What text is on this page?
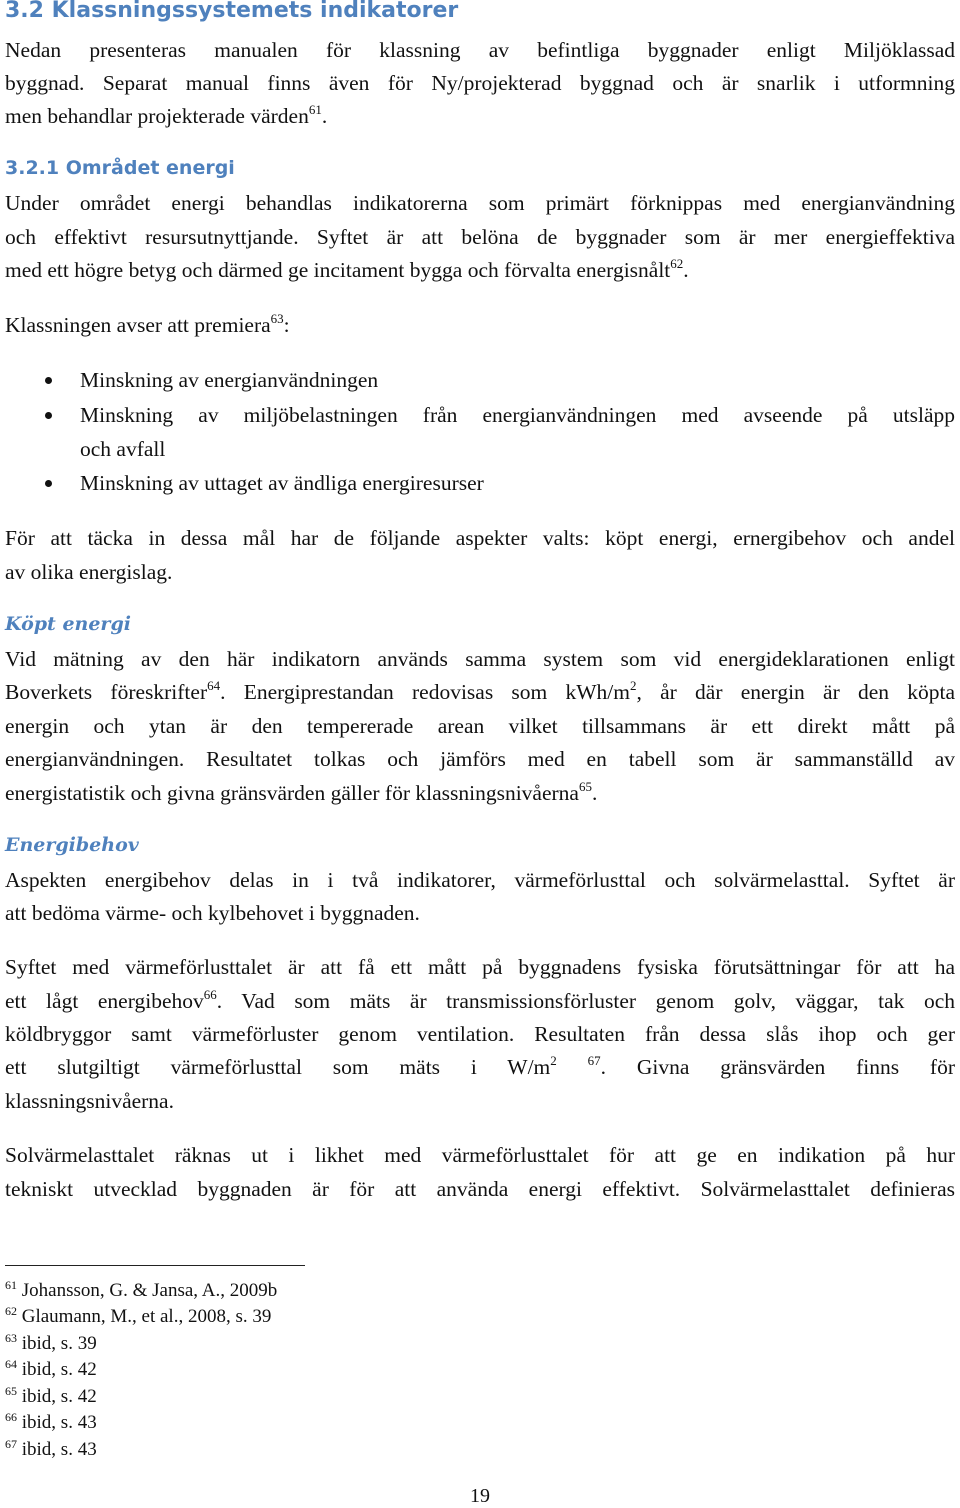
3.2 Klassningssystemets indikatorer
Nedan presenteras manualen för klassning av befintliga byggnader enligt Miljöklassad
byggnad. Separat manual finns även för Ny/projekterad byggnad och är snarlik i utformning
men behandlar projekterade värden$^{61}$.
3.2.1 Området energi
Under området energi behandlas indikatorerna som primärt förknippas med energianvändning
och effektivt resursutnyttjande. Syftet är att belöna de byggnader som är mer energieffektiva
med ett högre betyg och därmed ge incitament bygga och förvalta energisnålt$^{62}$.
Klassningen avser att premiera$^{63}$:
Minskning av energianvändningen
Minskning av miljöbelastningen från energianvändningen med avseende på utsläpp
och avfall
Minskning av uttaget av ändliga energiresurser
För att täcka in dessa mål har de följande aspekter valts: köpt energi, ernergibehov och andel
av olika energislag.
Köpt energi
Vid mätning av den här indikatorn används samma system som vid energideklarationen enligt
Boverkets föreskrifter$^{64}$. Energiprestandan redovisas som kWh/$m^2$, år där energin är den köpta
energin och ytan är den tempererade arean vilket tillsammans är ett direkt mått på
energianvändningen. Resultatet tolkas och jämförs med en tabell som är sammanställd av
energistatistik och givna gränsvärden gäller för klassningsnivåerna$^{65}$.
Energibehov
Aspekten energibehov delas in i två indikatorer, värmeförlusttal och solvärmelasttal. Syftet är
att bedöma värme- och kylbehovet i byggnaden.
Syftet med värmeförlusttalet är att få ett mått på byggnadens fysiska förutsättningar för att ha
ett lågt energibehov$^{66}$. Vad som mäts är transmissionsförluster genom golv, väggar, tak och
köldbryggor samt värmeförluster genom ventilation. Resultaten från dessa slås ihop och ger
ett slutgiltigt värmeförlusttal som mäts i $W/m^2$ $^{67}$. Givna gränsvärden finns för
klassningsnivåerna.
Solvärmelasttalet räknas ut i likhet med värmeförlusttalet för att ge en indikation på hur
tekniskt utvecklad byggnaden är för att använda energi effektivt. Solvärmelasttalet definieras
$^{61}$ Johansson, G. & Jansa, A., 2009b
$^{62}$ Glaumann, M., et al., 2008, s. 39
$^{63}$ ibid, s. 39
$^{64}$ ibid, s. 42
$^{65}$ ibid, s. 42
$^{66}$ ibid, s. 43
$^{67}$ ibid, s. 43
19
